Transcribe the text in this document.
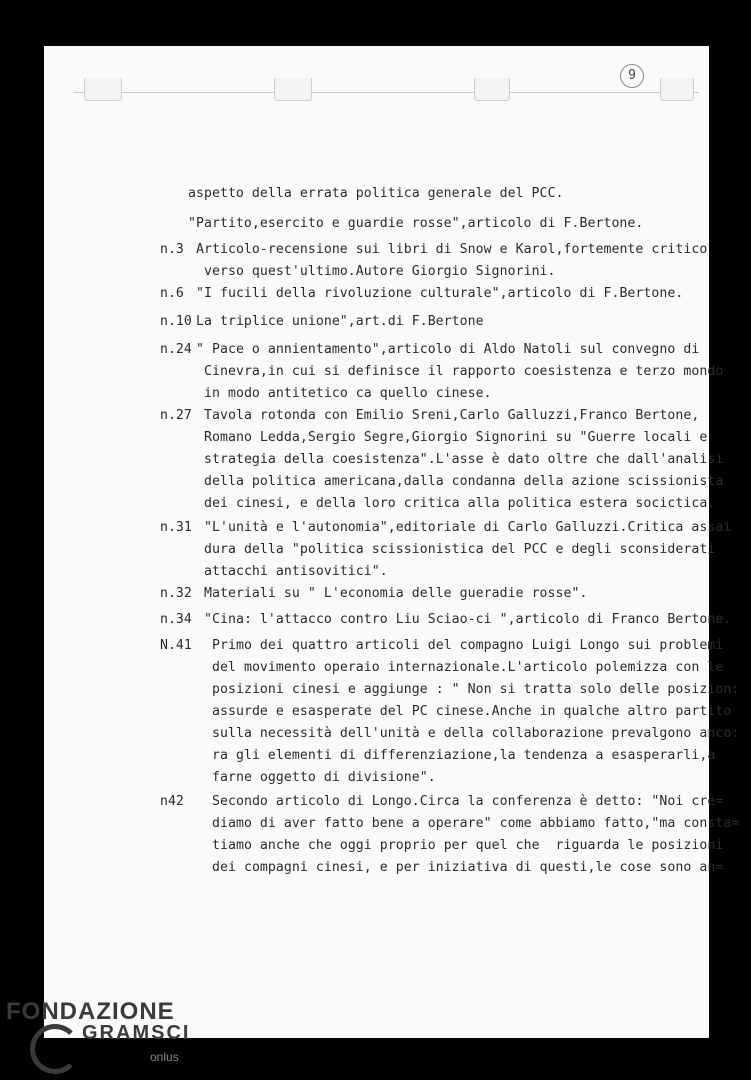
9
aspetto della errata politica generale del PCC.
"Partito,esercito e guardie rosse",articolo di F.Bertone.
n.3 Articolo-recensione sui libri di Snow e Karol,fortemente critico
verso quest'ultimo.Autore Giorgio Signorini.
n.6 "I fucili della rivoluzione culturale",articolo di F.Bertone.
n.10 La triplice unione",art.di F.Bertone
n.24 " Pace o annientamento",articolo di Aldo Natoli sul convegno di
Cinevra,in cui si definisce il rapporto coesistenza e terzo mondo
in modo antitetico ca quello cinese.
n.27 Tavola rotonda con Emilio Sreni,Carlo Galluzzi,Franco Bertone,
Romano Ledda,Sergio Segre,Giorgio Signorini su "Guerre locali e
strategia della coesistenza".L'asse è dato oltre che dall'analisi
della politica americana,dalla condanna della azione scissionista
dei cinesi, e della loro critica alla politica estera socictica.
n.31 "L'unità e l'autonomia",editoriale di Carlo Galluzzi.Critica assai
dura della "politica scissionistica del PCC e degli sconsiderati
attacchi antisovitici".
n.32 Materiali su " L'economia delle gueradie rosse".
n.34 "Cina: l'attacco contro Liu Sciao-ci ",articolo di Franco Bertone.
N.41 Primo dei quattro articoli del compagno Luigi Longo sui problemi
del movimento operaio internazionale.L'articolo polemizza con le
posizioni cinesi e aggiunge : " Non si tratta solo delle posizion:
assurde e esasperate del PC cinese.Anche in qualche altro partito
sulla necessità dell'unità e della collaborazione prevalgono anco:
ra gli elementi di differenziazione,la tendenza a esasperarli,a
farne oggetto di divisione".
n42 Secondo articolo di Longo.Circa la conferenza è detto: "Noi cre=
diamo di aver fatto bene a operare" come abbiamo fatto,"ma consta=
tiamo anche che oggi proprio per quel che  riguarda le posizioni
dei compagni cinesi, e per iniziativa di questi,le cose sono an=
FONDAZIONE
GRAMSCI
onlus
